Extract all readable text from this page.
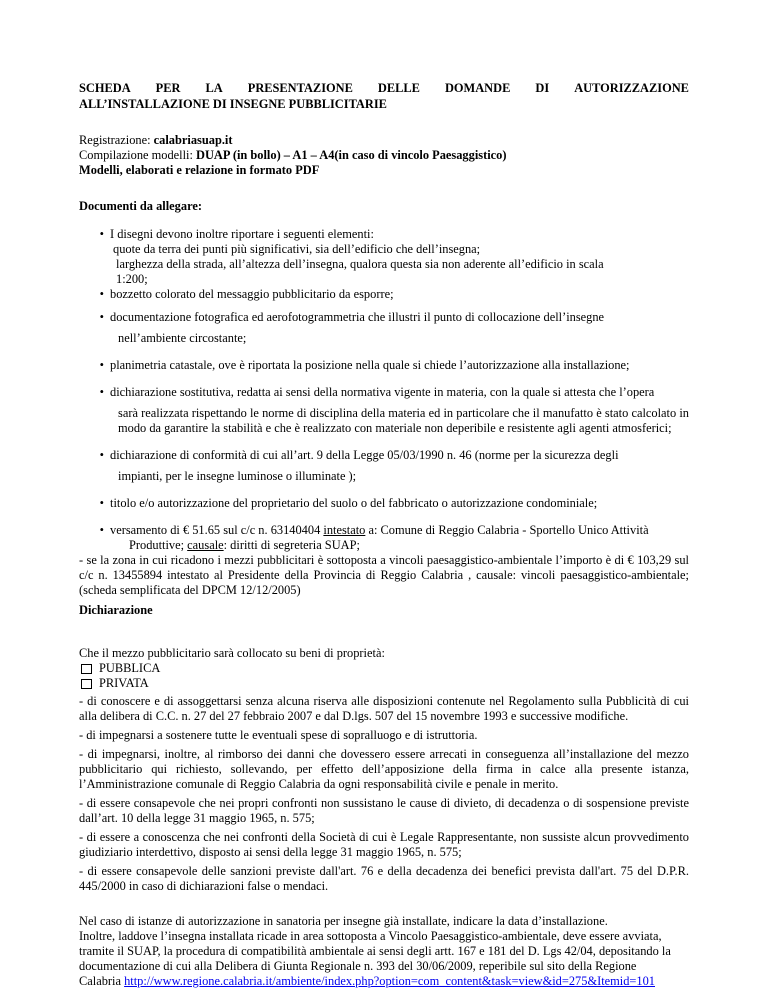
SCHEDA PER LA PRESENTAZIONE DELLE DOMANDE DI AUTORIZZAZIONE
ALL’INSTALLAZIONE DI INSEGNE PUBBLICITARIE
Registrazione: calabriasuap.it
Compilazione modelli: DUAP (in bollo) – A1 – A4(in caso di vincolo Paesaggistico)
Modelli, elaborati e relazione in formato PDF
Documenti da allegare:
• I disegni devono inoltre riportare i seguenti elementi:
quote da terra dei punti più significativi, sia dell’edificio che dell’insegna;
larghezza della strada, all’altezza dell’insegna, qualora questa sia non aderente all’edificio in scala
1:200;
• bozzetto colorato del messaggio pubblicitario da esporre;
• documentazione fotografica ed aerofotogrammetria che illustri il punto di collocazione dell’insegne
nell’ambiente circostante;
• planimetria catastale, ove è riportata la posizione nella quale si chiede l’autorizzazione alla installazione;
• dichiarazione sostitutiva, redatta ai sensi della normativa vigente in materia, con la quale si attesta che l’opera
sarà realizzata rispettando le norme di disciplina della materia ed in particolare che il manufatto è stato calcolato in modo da garantire la stabilità e che è realizzato con materiale non deperibile e resistente agli agenti atmosferici;
• dichiarazione di conformità di cui all’art. 9 della Legge 05/03/1990 n. 46 (norme per la sicurezza degli
impianti, per le insegne luminose o illuminate );
• titolo e/o autorizzazione del proprietario del suolo o del fabbricato o autorizzazione condominiale;
• versamento di € 51.65 sul c/c n. 63140404 intestato a: Comune di Reggio Calabria - Sportello Unico Attività
Produttive; causale: diritti di segreteria SUAP;
- se la zona in cui ricadono i mezzi pubblicitari è sottoposta a vincoli paesaggistico-ambientale l’importo è di € 103,29 sul c/c n. 13455894 intestato al Presidente della Provincia di Reggio Calabria , causale: vincoli paesaggistico-ambientale; (scheda semplificata del DPCM 12/12/2005)
Dichiarazione
Che il mezzo pubblicitario sarà collocato su beni di proprietà:
PUBBLICA
PRIVATA
- di conoscere e di assoggettarsi senza alcuna riserva alle disposizioni contenute nel Regolamento sulla Pubblicità di cui alla delibera di C.C. n. 27 del 27 febbraio 2007 e dal D.lgs. 507 del 15 novembre 1993 e successive modifiche.
- di impegnarsi a sostenere tutte le eventuali spese di sopralluogo e di istruttoria.
- di impegnarsi, inoltre, al rimborso dei danni che dovessero essere arrecati in conseguenza all’installazione del mezzo pubblicitario qui richiesto, sollevando, per effetto dell’apposizione della firma in calce alla presente istanza, l’Amministrazione comunale di Reggio Calabria da ogni responsabilità civile e penale in merito.
- di essere consapevole che nei propri confronti non sussistano le cause di divieto, di decadenza o di sospensione previste dall’art. 10 della legge 31 maggio 1965, n. 575;
- di essere a conoscenza che nei confronti della Società di cui è Legale Rappresentante, non sussiste alcun provvedimento giudiziario interdettivo, disposto ai sensi della legge 31 maggio 1965, n. 575;
- di essere consapevole delle sanzioni previste dall'art. 76 e della decadenza dei benefici prevista dall'art. 75 del D.P.R. 445/2000 in caso di dichiarazioni false o mendaci.
Nel caso di istanze di autorizzazione in sanatoria per insegne già installate, indicare la data d’installazione.
Inoltre, laddove l’insegna installata ricade in area sottoposta a Vincolo Paesaggistico-ambientale, deve essere avviata,
tramite il SUAP, la procedura di compatibilità ambientale ai sensi degli artt. 167 e 181 del D. Lgs 42/04, depositando la
documentazione di cui alla Delibera di Giunta Regionale n. 393 del 30/06/2009, reperibile sul sito della Regione
Calabria http://www.regione.calabria.it/ambiente/index.php?option=com_content&task=view&id=275&Itemid=101
